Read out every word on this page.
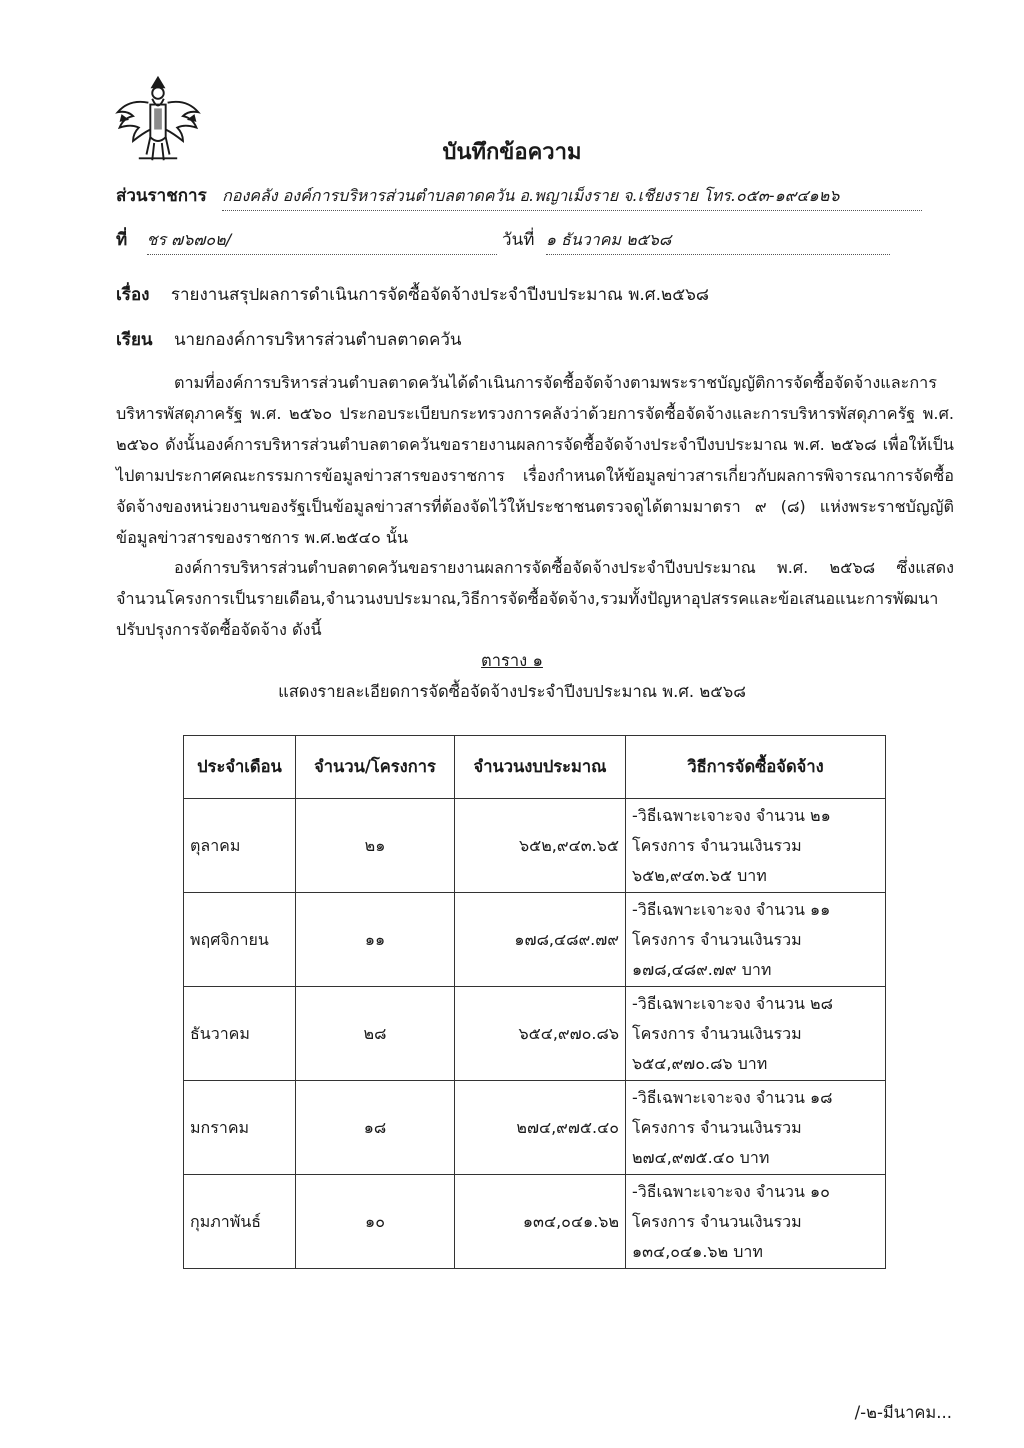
บันทึกข้อความ
ส่วนราชการ กองคลัง องค์การบริหารส่วนตำบลตาดควัน อ.พญาเม็งราย จ.เชียงราย โทร.๐๕๓-๑๙๔๑๒๖
ที่ ชร ๗๖๗๐๒/	วันที่ ๑ ธันวาคม ๒๕๖๘
เรื่อง รายงานสรุปผลการดำเนินการจัดซื้อจัดจ้างประจำปีงบประมาณ พ.ศ.๒๕๖๘
เรียน นายกองค์การบริหารส่วนตำบลตาดควัน

ตามที่องค์การบริหารส่วนตำบลตาดควันได้ดำเนินการจัดซื้อจัดจ้างตามพระราชบัญญัติการจัดซื้อจัดจ้างและการบริหารพัสดุภาครัฐ พ.ศ. ๒๕๖๐ ประกอบระเบียบกระทรวงการคลังว่าด้วยการจัดซื้อจัดจ้างและการบริหารพัสดุภาครัฐ พ.ศ. ๒๕๖๐ ดังนั้นองค์การบริหารส่วนตำบลตาดควันขอรายงานผลการจัดซื้อจัดจ้างประจำปีงบประมาณ พ.ศ. ๒๕๖๘ เพื่อให้เป็นไปตามประกาศคณะกรรมการข้อมูลข่าวสารของราชการ เรื่องกำหนดให้ข้อมูลข่าวสารเกี่ยวกับผลการพิจารณาการจัดซื้อจัดจ้างของหน่วยงานของรัฐเป็นข้อมูลข่าวสารที่ต้องจัดไว้ให้ประชาชนตรวจดูได้ตามมาตรา ๙ (๘) แห่งพระราชบัญญัติข้อมูลข่าวสารของราชการ พ.ศ.๒๕๔๐ นั้น

องค์การบริหารส่วนตำบลตาดควันขอรายงานผลการจัดซื้อจัดจ้างประจำปีงบประมาณ พ.ศ. ๒๕๖๘ ซึ่งแสดงจำนวนโครงการเป็นรายเดือน,จำนวนงบประมาณ,วิธีการจัดซื้อจัดจ้าง,รวมทั้งปัญหาอุปสรรคและข้อเสนอแนะการพัฒนาปรับปรุงการจัดซื้อจัดจ้าง ดังนี้

ตาราง ๑
แสดงรายละเอียดการจัดซื้อจัดจ้างประจำปีงบประมาณ พ.ศ. ๒๕๖๘
ประจำเดือน	จำนวน/โครงการ	จำนวนงบประมาณ	วิธีการจัดซื้อจัดจ้าง
ตุลาคม	๒๑	๖๕๒,๙๔๓.๖๕	-วิธีเฉพาะเจาะจง จำนวน ๒๑
โครงการ จำนวนเงินรวม
๖๕๒,๙๔๓.๖๕ บาท

พฤศจิกายน	๑๑	๑๗๘,๔๘๙.๗๙	-วิธีเฉพาะเจาะจง จำนวน ๑๑
โครงการ จำนวนเงินรวม
๑๗๘,๔๘๙.๗๙ บาท

ธันวาคม	๒๘	๖๕๔,๙๗๐.๘๖	-วิธีเฉพาะเจาะจง จำนวน ๒๘
โครงการ จำนวนเงินรวม
๖๕๔,๙๗๐.๘๖ บาท

มกราคม	๑๘	๒๗๔,๙๗๕.๔๐	-วิธีเฉพาะเจาะจง จำนวน ๑๘
โครงการ จำนวนเงินรวม
๒๗๔,๙๗๕.๔๐ บาท

กุมภาพันธ์	๑๐	๑๓๔,๐๔๑.๖๒	-วิธีเฉพาะเจาะจง จำนวน ๑๐
โครงการ จำนวนเงินรวม
๑๓๔,๐๔๑.๖๒ บาท
/-๒-มีนาคม...
